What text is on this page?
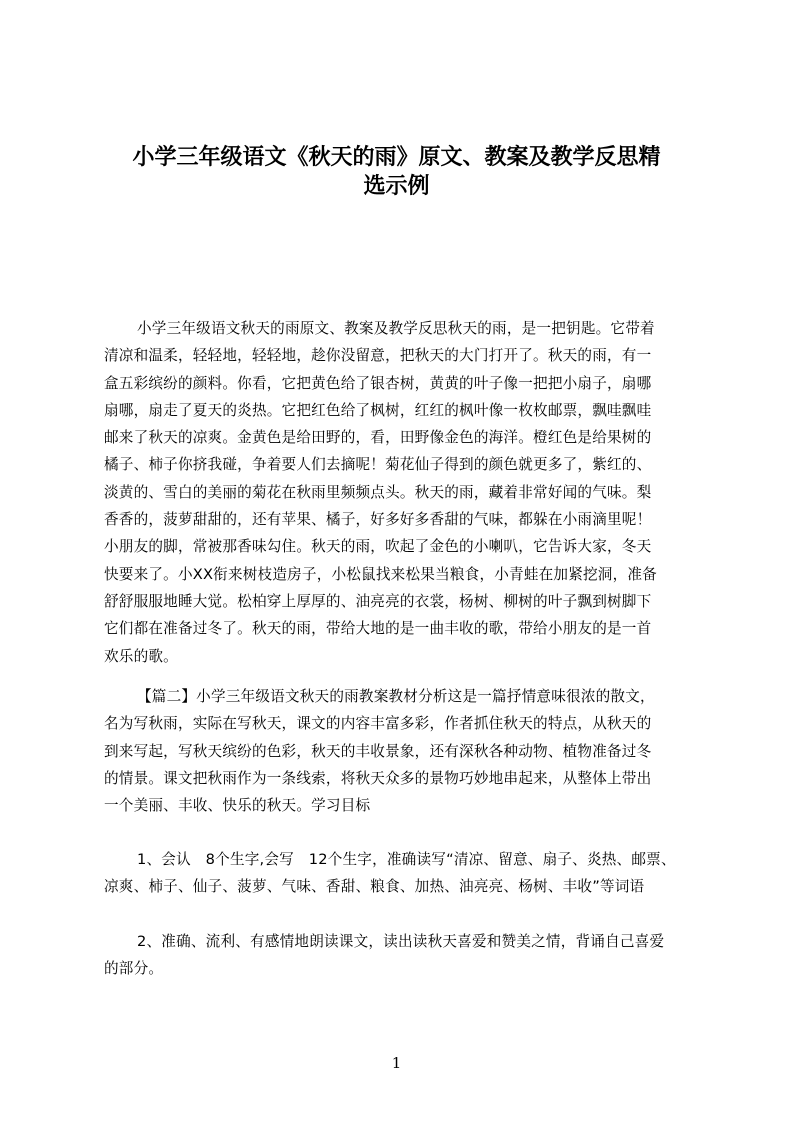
小学三年级语文《秋天的雨》原文、教案及教学反思精
选示例
小学三年级语文秋天的雨原文、教案及教学反思秋天的雨，是一把钥匙。它带着
清凉和温柔，轻轻地，轻轻地，趁你没留意，把秋天的大门打开了。秋天的雨，有一
盒五彩缤纷的颜料。你看，它把黄色给了银杏树，黄黄的叶子像一把把小扇子，扇哪
扇哪，扇走了夏天的炎热。它把红色给了枫树，红红的枫叶像一枚枚邮票，飘哇飘哇
邮来了秋天的凉爽。金黄色是给田野的，看，田野像金色的海洋。橙红色是给果树的
橘子、柿子你挤我碰，争着要人们去摘呢！菊花仙子得到的颜色就更多了，紫红的、
淡黄的、雪白的美丽的菊花在秋雨里频频点头。秋天的雨，藏着非常好闻的气味。梨
香香的，菠萝甜甜的，还有苹果、橘子，好多好多香甜的气味，都躲在小雨滴里呢！
小朋友的脚，常被那香味勾住。秋天的雨，吹起了金色的小喇叭，它告诉大家，冬天
快要来了。小XX衔来树枝造房子，小松鼠找来松果当粮食，小青蛙在加紧挖洞，准备
舒舒服服地睡大觉。松柏穿上厚厚的、油亮亮的衣裳，杨树、柳树的叶子飘到树脚下
它们都在准备过冬了。秋天的雨，带给大地的是一曲丰收的歌，带给小朋友的是一首
欢乐的歌。
【篇二】小学三年级语文秋天的雨教案教材分析这是一篇抒情意味很浓的散文，
名为写秋雨，实际在写秋天，课文的内容丰富多彩，作者抓住秋天的特点，从秋天的
到来写起，写秋天缤纷的色彩，秋天的丰收景象，还有深秋各种动物、植物准备过冬
的情景。课文把秋雨作为一条线索，将秋天众多的景物巧妙地串起来，从整体上带出
一个美丽、丰收、快乐的秋天。学习目标
1、会认　8个生字,会写　12个生字，准确读写“清凉、留意、扇子、炎热、邮票、
凉爽、柿子、仙子、菠萝、气味、香甜、粮食、加热、油亮亮、杨树、丰收”等词语
2、准确、流利、有感情地朗读课文，读出读秋天喜爱和赞美之情，背诵自己喜爱
的部分。
1
